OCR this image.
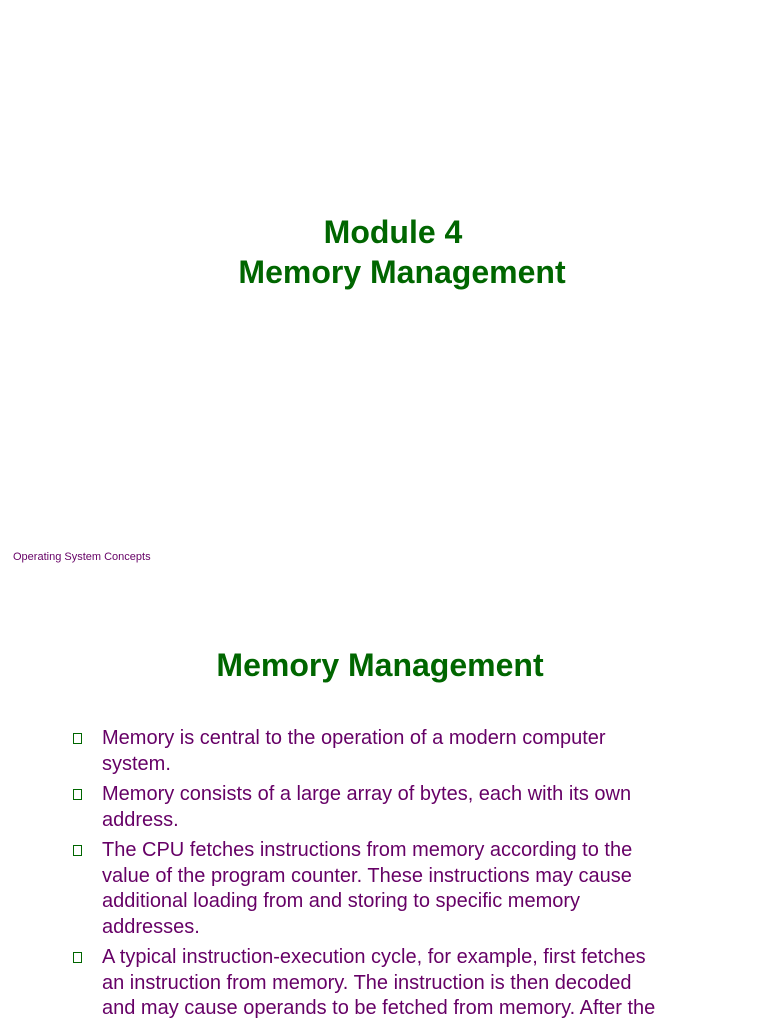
Module 4
Memory Management
Operating System Concepts
Memory Management
Memory is central to the operation of a modern computer system.
Memory consists of a large array of bytes, each with its own address.
The CPU fetches instructions from memory according to the value of the program counter. These instructions may cause additional loading from and storing to specific memory addresses.
A typical instruction-execution cycle, for example, first fetches an instruction from memory. The instruction is then decoded and may cause operands to be fetched from memory. After the
